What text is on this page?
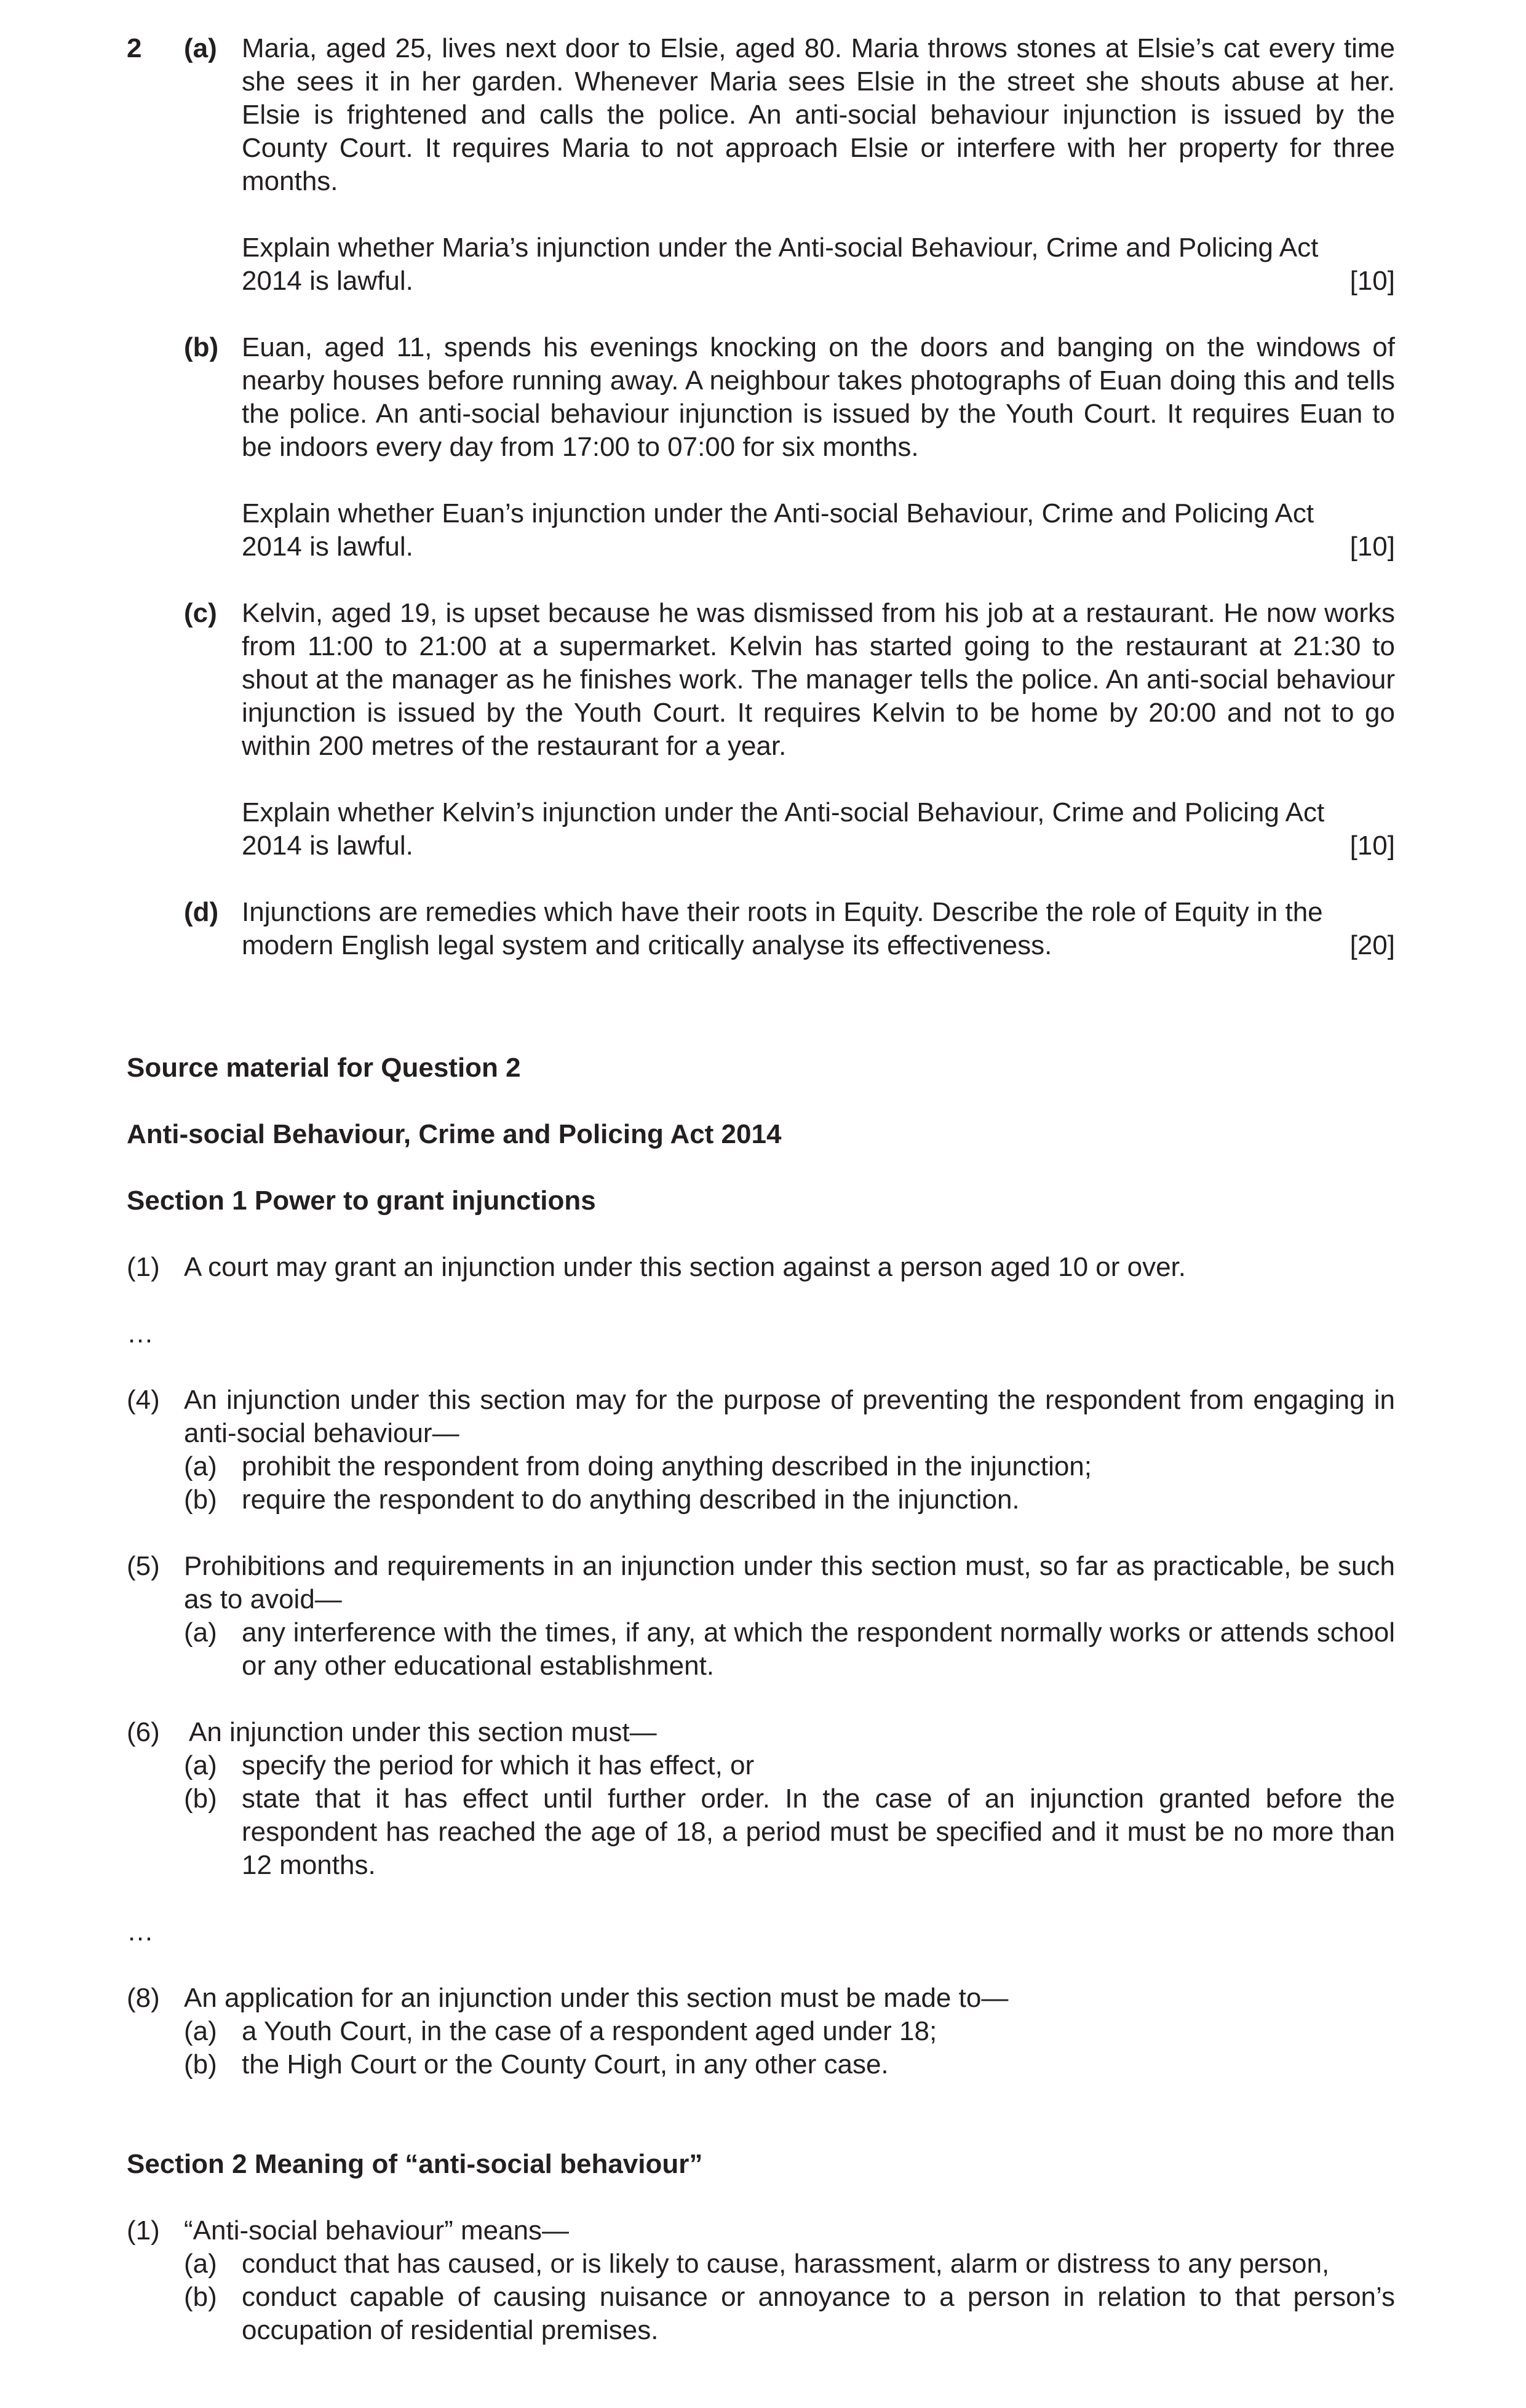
2 (a) Maria, aged 25, lives next door to Elsie, aged 80. Maria throws stones at Elsie’s cat every time she sees it in her garden. Whenever Maria sees Elsie in the street she shouts abuse at her. Elsie is frightened and calls the police. An anti-social behaviour injunction is issued by the County Court. It requires Maria to not approach Elsie or interfere with her property for three months.

Explain whether Maria’s injunction under the Anti-social Behaviour, Crime and Policing Act

2014 is lawful.	[10]
(b) Euan, aged 11, spends his evenings knocking on the doors and banging on the windows of nearby houses before running away. A neighbour takes photographs of Euan doing this and tells the police. An anti-social behaviour injunction is issued by the Youth Court. It requires Euan to be indoors every day from 17:00 to 07:00 for six months.

Explain whether Euan’s injunction under the Anti-social Behaviour, Crime and Policing Act

2014 is lawful.	[10]
(c) Kelvin, aged 19, is upset because he was dismissed from his job at a restaurant. He now works from 11:00 to 21:00 at a supermarket. Kelvin has started going to the restaurant at 21:30 to shout at the manager as he finishes work. The manager tells the police. An anti-social behaviour injunction is issued by the Youth Court. It requires Kelvin to be home by 20:00 and not to go within 200 metres of the restaurant for a year.

Explain whether Kelvin’s injunction under the Anti-social Behaviour, Crime and Policing Act

2014 is lawful.	[10]
(d) Injunctions are remedies which have their roots in Equity. Describe the role of Equity in the

modern English legal system and critically analyse its effectiveness.	[20]

Source material for Question 2

Anti-social Behaviour, Crime and Policing Act 2014

Section 1 Power to grant injunctions

(1) A court may grant an injunction under this section against a person aged 10 or over.

…

(4) An injunction under this section may for the purpose of preventing the respondent from engaging in anti-social behaviour—

(a) prohibit the respondent from doing anything described in the injunction;

(b) require the respondent to do anything described in the injunction.

(5) Prohibitions and requirements in an injunction under this section must, so far as practicable, be such as to avoid—

(a) any interference with the times, if any, at which the respondent normally works or attends school or any other educational establishment.

(6) An injunction under this section must—

(a) specify the period for which it has effect, or

(b) state that it has effect until further order. In the case of an injunction granted before the respondent has reached the age of 18, a period must be specified and it must be no more than 12 months.

…

(8) An application for an injunction under this section must be made to—

(a) a Youth Court, in the case of a respondent aged under 18;

(b) the High Court or the County Court, in any other case.

Section 2 Meaning of “anti-social behaviour”

(1) “Anti-social behaviour” means—

(a) conduct that has caused, or is likely to cause, harassment, alarm or distress to any person,

(b) conduct capable of causing nuisance or annoyance to a person in relation to that person’s occupation of residential premises.
